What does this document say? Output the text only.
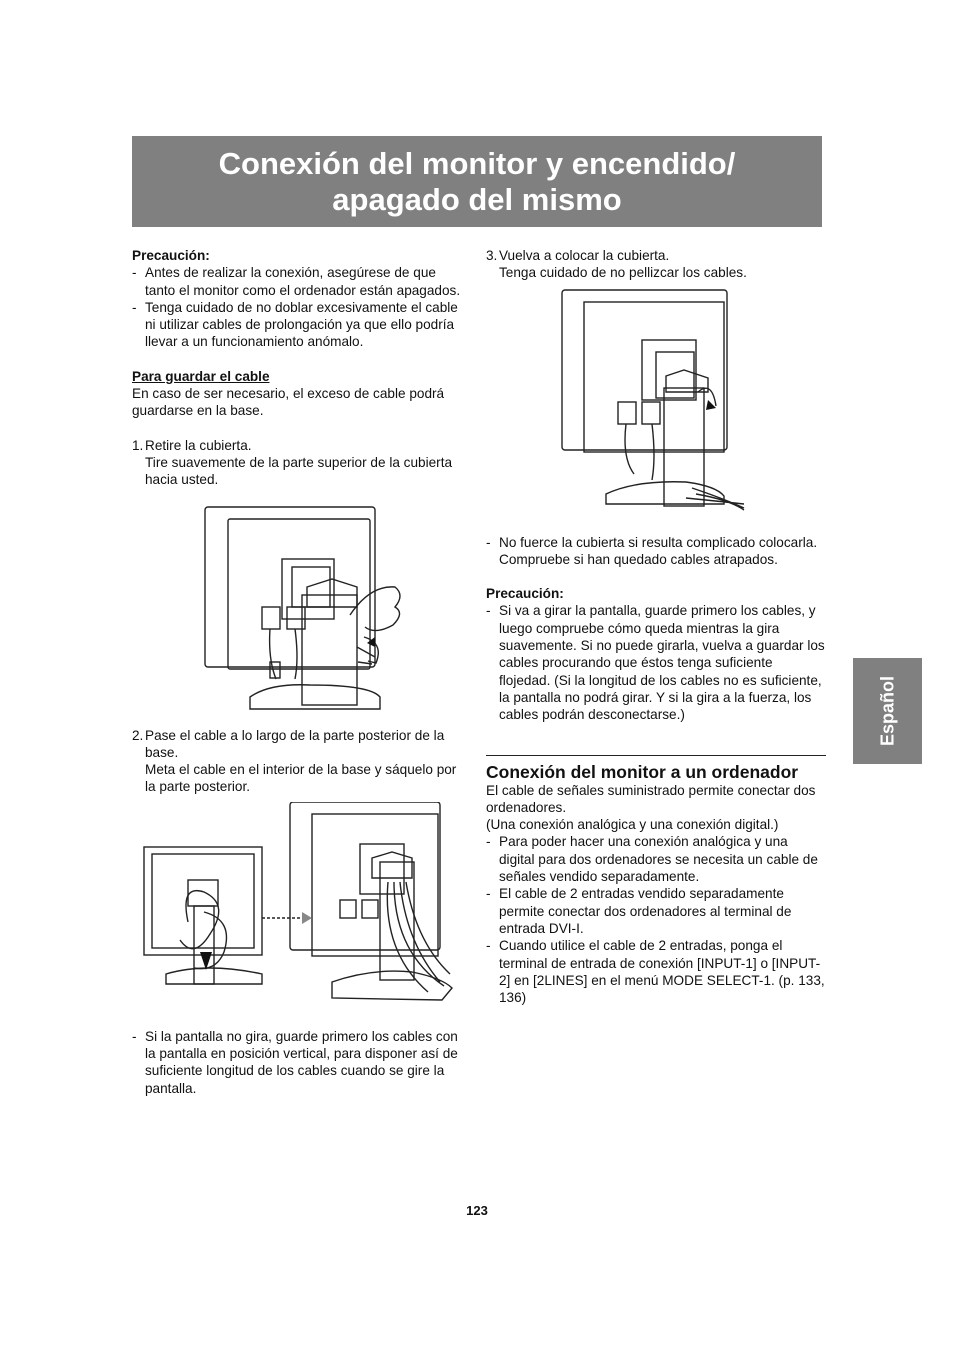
Conexión del monitor y encendido/
apagado del mismo
Español
Precaución:
- Antes de realizar la conexión, asegúrese de que tanto el monitor como el ordenador están apagados.
- Tenga cuidado de no doblar excesivamente el cable ni utilizar cables de prolongación ya que ello podría llevar a un funcionamiento anómalo.
Para guardar el cable
En caso de ser necesario, el exceso de cable podrá guardarse en la base.
1. Retire la cubierta.
Tire suavemente de la parte superior de la cubierta hacia usted.
2. Pase el cable a lo largo de la parte posterior de la base.
Meta el cable en el interior de la base y sáquelo por la parte posterior.
- Si la pantalla no gira, guarde primero los cables con la pantalla en posición vertical, para disponer así de suficiente longitud de los cables cuando se gire la pantalla.
3. Vuelva a colocar la cubierta.
Tenga cuidado de no pellizcar los cables.
- No fuerce la cubierta si resulta complicado colocarla. Compruebe si han quedado cables atrapados.
Precaución:
- Si va a girar la pantalla, guarde primero los cables, y luego compruebe cómo queda mientras la gira suavemente. Si no puede girarla, vuelva a guardar los cables procurando que éstos tenga suficiente flojedad. (Si la longitud de los cables no es suficiente, la pantalla no podrá girar. Y si la gira a la fuerza, los cables podrán desconectarse.)
Conexión del monitor a un ordenador
El cable de señales suministrado permite conectar dos ordenadores.
(Una conexión analógica y una conexión digital.)
- Para poder hacer una conexión analógica y una digital para dos ordenadores se necesita un cable de señales vendido separadamente.
- El cable de 2 entradas vendido separadamente permite conectar dos ordenadores al terminal de entrada DVI-I.
- Cuando utilice el cable de 2 entradas, ponga el terminal de entrada de conexión [INPUT-1] o [INPUT-2] en [2LINES] en el menú MODE SELECT-1. (p. 133, 136)
123
